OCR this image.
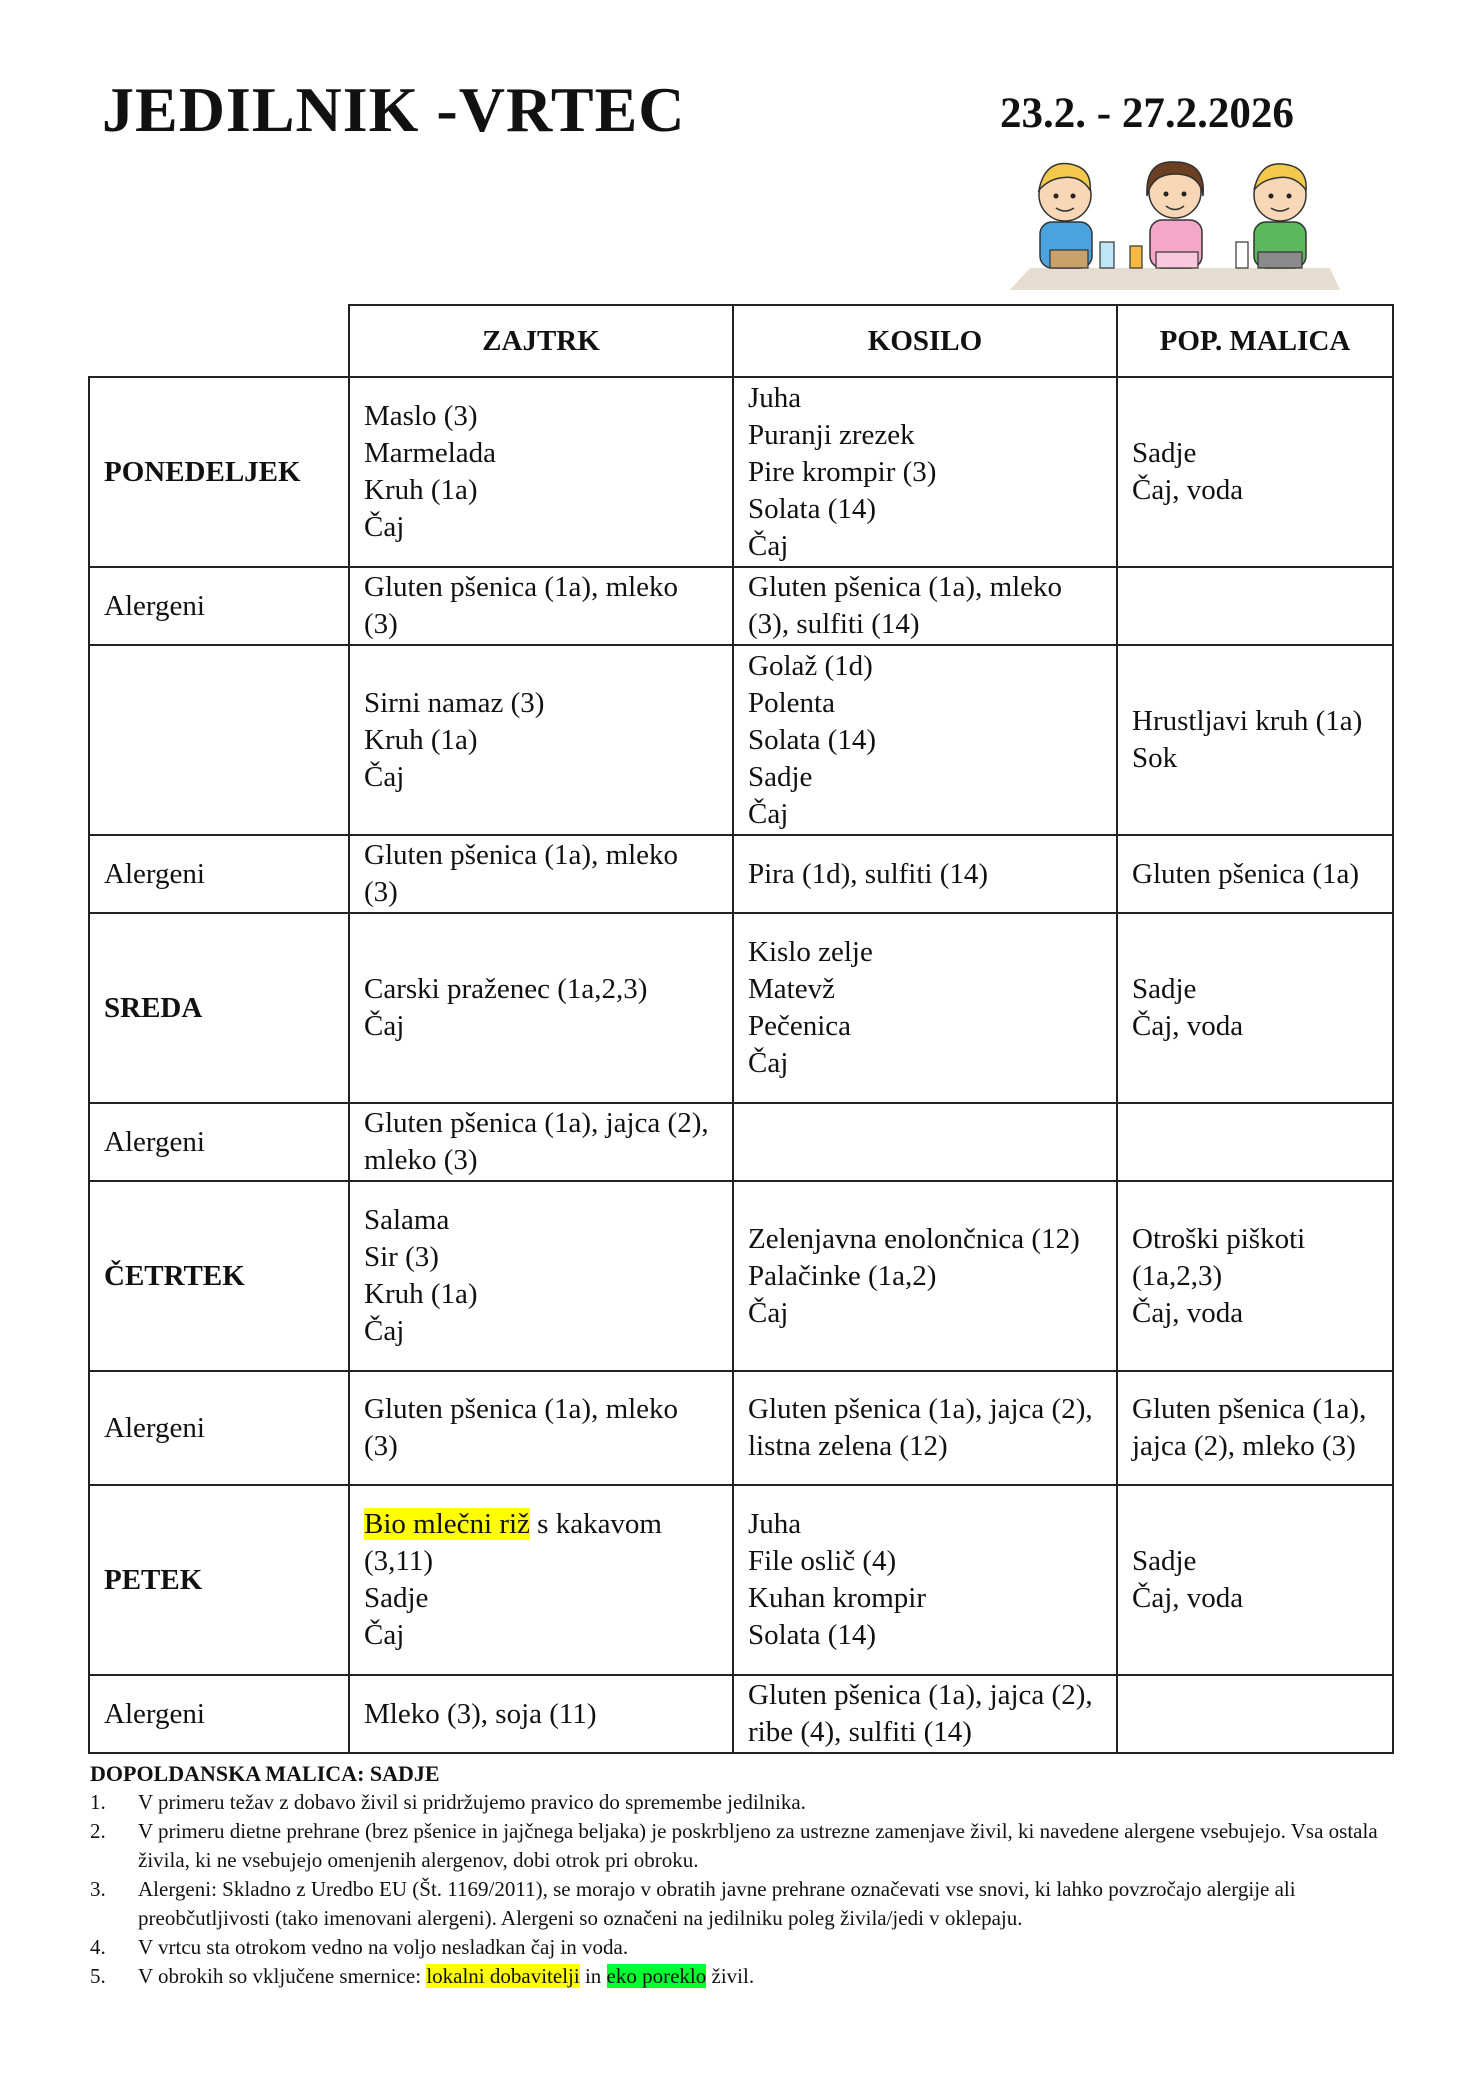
JEDILNIK -VRTEC	23.2. - 27.2.2026
	ZAJTRK	KOSILO	POP. MALICA
PONEDELJEK	Maslo (3)
Marmelada
Kruh (1a)
Čaj	Juha
Puranji zrezek
Pire krompir (3)
Solata (14)
Čaj	Sadje
Čaj, voda

Alergeni	Gluten pšenica (1a), mleko (3)	Gluten pšenica (1a), mleko (3), sulfiti (14)	

	Sirni namaz (3)
Kruh (1a)
Čaj	Golaž (1d)
Polenta
Solata (14)
Sadje
Čaj	Hrustljavi kruh (1a)
Sok

Alergeni	Gluten pšenica (1a), mleko (3)	Pira (1d), sulfiti (14)	Gluten pšenica (1a)

SREDA	Carski praženec (1a,2,3)
Čaj	Kislo zelje
Matevž
Pečenica
Čaj	Sadje
Čaj, voda

Alergeni	Gluten pšenica (1a), jajca (2), mleko (3)		

ČETRTEK	Salama
Sir (3)
Kruh (1a)
Čaj	Zelenjavna enolončnica (12)
Palačinke (1a,2)
Čaj	Otroški piškoti (1a,2,3)
Čaj, voda

Alergeni	Gluten pšenica (1a), mleko (3)	Gluten pšenica (1a), jajca (2), listna zelena (12)	Gluten pšenica (1a), jajca (2), mleko (3)

PETEK	Bio mlečni riž s kakavom (3,11)
Sadje
Čaj	Juha
File oslič (4)
Kuhan krompir
Solata (14)	Sadje
Čaj, voda

Alergeni	Mleko (3), soja (11)	Gluten pšenica (1a), jajca (2), ribe (4), sulfiti (14)	

DOPOLDANSKA MALICA: SADJE
1.	V primeru težav z dobavo živil si pridržujemo pravico do spremembe jedilnika.
2.	V primeru dietne prehrane (brez pšenice in jajčnega beljaka) je poskrbljeno za ustrezne zamenjave živil, ki navedene alergene vsebujejo. Vsa ostala živila, ki ne vsebujejo omenjenih alergenov, dobi otrok pri obroku.
3.	Alergeni: Skladno z Uredbo EU (Št. 1169/2011), se morajo v obratih javne prehrane označevati vse snovi, ki lahko povzročajo alergije ali preobčutljivosti (tako imenovani alergeni). Alergeni so označeni na jedilniku poleg živila/jedi v oklepaju.
4.	V vrtcu sta otrokom vedno na voljo nesladkan čaj in voda.
5.	V obrokih so vključene smernice: lokalni dobavitelji in eko poreklo živil.
